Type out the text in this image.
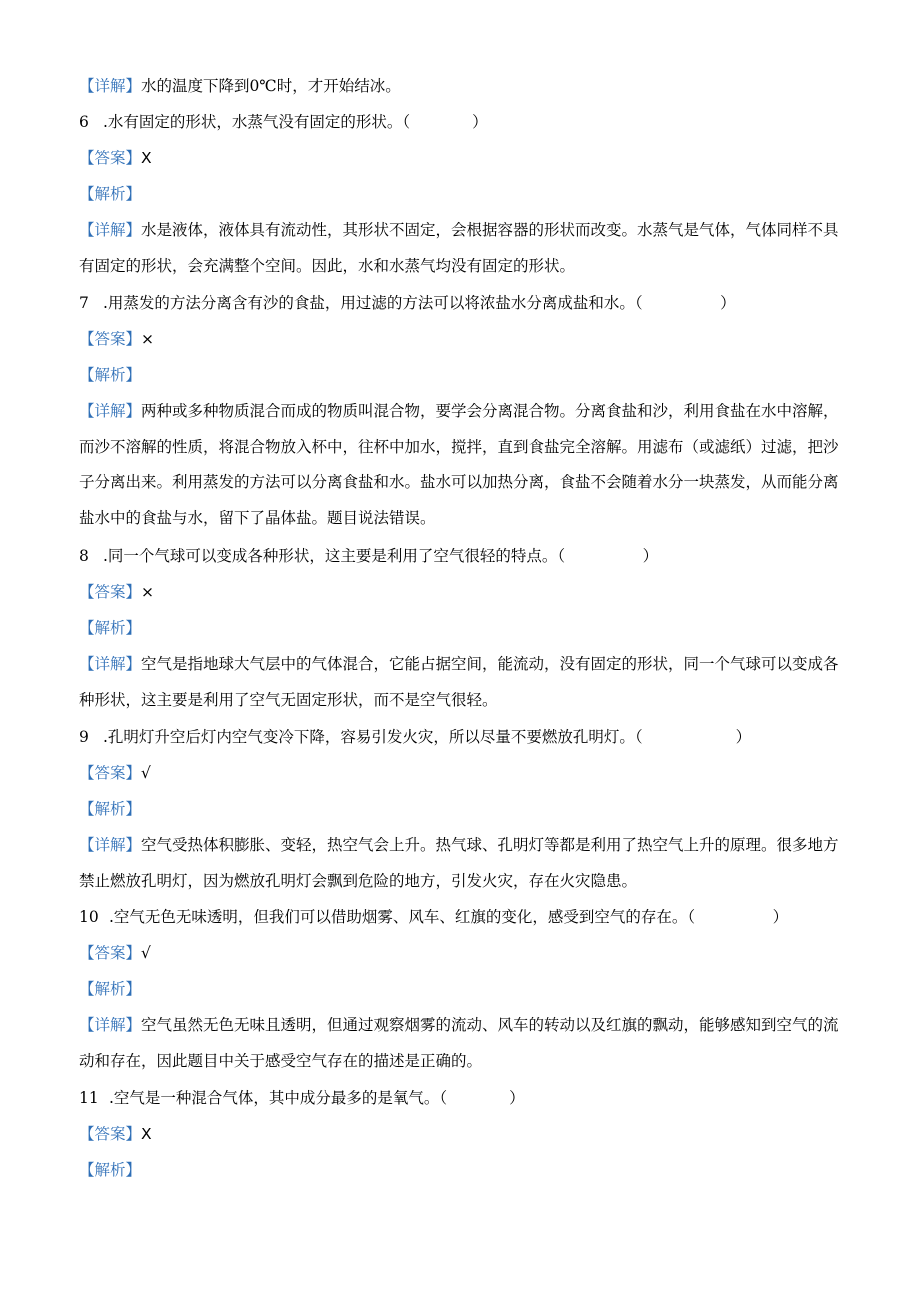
【详解】水的温度下降到0℃时，才开始结冰。
6 .水有固定的形状，水蒸气没有固定的形状。（　　　　）
【答案】X
【解析】
【详解】水是液体，液体具有流动性，其形状不固定，会根据容器的形状而改变。水蒸气是气体，气体同样不具
有固定的形状，会充满整个空间。因此，水和水蒸气均没有固定的形状。
7 .用蒸发的方法分离含有沙的食盐，用过滤的方法可以将浓盐水分离成盐和水。（　　　　　）
【答案】×
【解析】
【详解】两种或多种物质混合而成的物质叫混合物，要学会分离混合物。分离食盐和沙，利用食盐在水中溶解，
而沙不溶解的性质，将混合物放入杯中，往杯中加水，搅拌，直到食盐完全溶解。用滤布（或滤纸）过滤，把沙
子分离出来。利用蒸发的方法可以分离食盐和水。盐水可以加热分离，食盐不会随着水分一块蒸发，从而能分离
盐水中的食盐与水，留下了晶体盐。题目说法错误。
8 .同一个气球可以变成各种形状，这主要是利用了空气很轻的特点。（　　　　　）
【答案】×
【解析】
【详解】空气是指地球大气层中的气体混合，它能占据空间，能流动，没有固定的形状，同一个气球可以变成各
种形状，这主要是利用了空气无固定形状，而不是空气很轻。
9 .孔明灯升空后灯内空气变冷下降，容易引发火灾，所以尽量不要燃放孔明灯。（　　　　　　）
【答案】√
【解析】
【详解】空气受热体积膨胀、变轻，热空气会上升。热气球、孔明灯等都是利用了热空气上升的原理。很多地方
禁止燃放孔明灯，因为燃放孔明灯会飘到危险的地方，引发火灾，存在火灾隐患。
10 .空气无色无味透明，但我们可以借助烟雾、风车、红旗的变化，感受到空气的存在。（　　　　　）
【答案】√
【解析】
【详解】空气虽然无色无味且透明，但通过观察烟雾的流动、风车的转动以及红旗的飘动，能够感知到空气的流
动和存在，因此题目中关于感受空气存在的描述是正确的。
11 .空气是一种混合气体，其中成分最多的是氧气。（　　　　）
【答案】X
【解析】
